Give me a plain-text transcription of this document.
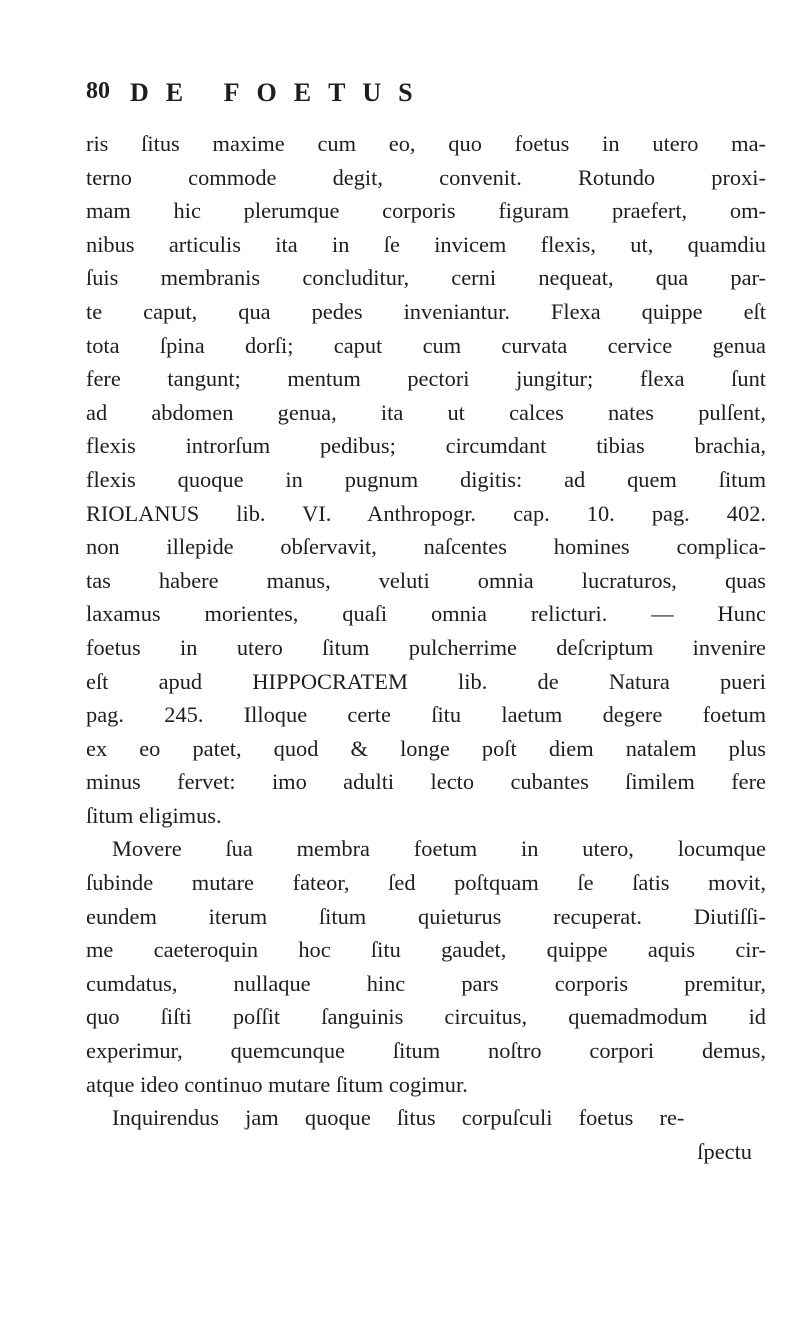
80 DE FOETUS
ris ſitus maxime cum eo, quo foetus in utero ma-
terno commode degit, convenit. Rotundo proxi-
mam hic plerumque corporis figuram praefert, om-
nibus articulis ita in ſe invicem flexis, ut, quamdiu
ſuis membranis concluditur, cerni nequeat, qua par-
te caput, qua pedes inveniantur. Flexa quippe eſt
tota ſpina dorſi; caput cum curvata cervice genua
fere tangunt; mentum pectori jungitur; flexa ſunt
ad abdomen genua, ita ut calces nates pulſent,
flexis introrſum pedibus; circumdant tibias brachia,
flexis quoque in pugnum digitis: ad quem ſitum
RIOLANUS lib. VI. Anthropogr. cap. 10. pag. 402.
non illepide obſervavit, naſcentes homines complica-
tas habere manus, veluti omnia lucraturos, quas
laxamus morientes, quaſi omnia relicturi. — Hunc
foetus in utero ſitum pulcherrime deſcriptum invenire
eſt apud HIPPOCRATEM lib. de Natura pueri
pag. 245. Illoque certe ſitu laetum degere foetum
ex eo patet, quod & longe poſt diem natalem plus
minus fervet: imo adulti lecto cubantes ſimilem fere
ſitum eligimus.
Movere ſua membra foetum in utero, locumque
ſubinde mutare fateor, ſed poſtquam ſe ſatis movit,
eundem iterum ſitum quieturus recuperat. Diutiſſi-
me caeteroquin hoc ſitu gaudet, quippe aquis cir-
cumdatus, nullaque hinc pars corporis premitur,
quo ſiſti poſſit ſanguinis circuitus, quemadmodum id
experimur, quemcunque ſitum noſtro corpori demus,
atque ideo continuo mutare ſitum cogimur.
Inquirendus jam quoque ſitus corpuſculi foetus re-
ſpectu
